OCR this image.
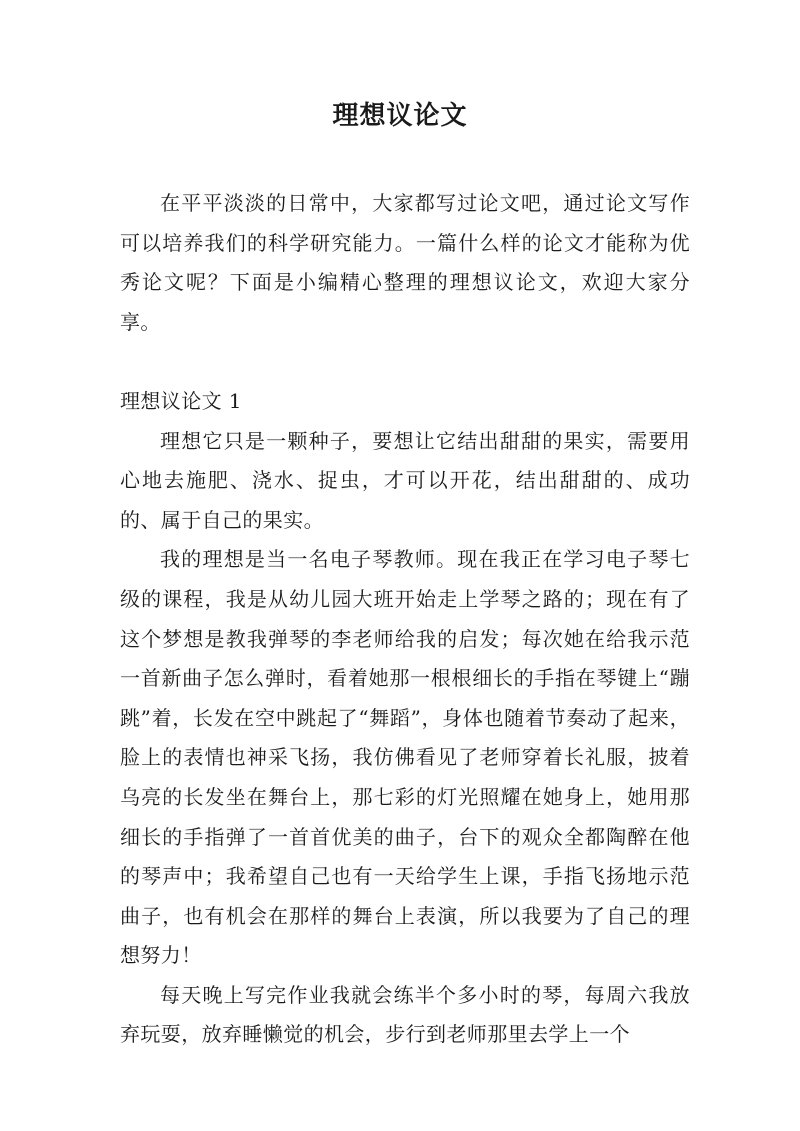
理想议论文

在平平淡淡的日常中，大家都写过论文吧，通过论文写作可以培养我们的科学研究能力。一篇什么样的论文才能称为优秀论文呢？下面是小编精心整理的理想议论文，欢迎大家分享。

理想议论文 1

理想它只是一颗种子，要想让它结出甜甜的果实，需要用心地去施肥、浇水、捉虫，才可以开花，结出甜甜的、成功的、属于自己的果实。

我的理想是当一名电子琴教师。现在我正在学习电子琴七级的课程，我是从幼儿园大班开始走上学琴之路的；现在有了这个梦想是教我弹琴的李老师给我的启发；每次她在给我示范一首新曲子怎么弹时，看着她那一根根细长的手指在琴键上“蹦跳”着，长发在空中跳起了“舞蹈”，身体也随着节奏动了起来，脸上的表情也神采飞扬，我仿佛看见了老师穿着长礼服，披着乌亮的长发坐在舞台上，那七彩的灯光照耀在她身上，她用那细长的手指弹了一首首优美的曲子，台下的观众全都陶醉在他的琴声中；我希望自己也有一天给学生上课，手指飞扬地示范曲子，也有机会在那样的舞台上表演，所以我要为了自己的理想努力！

每天晚上写完作业我就会练半个多小时的琴，每周六我放弃玩耍，放弃睡懒觉的机会，步行到老师那里去学上一个
